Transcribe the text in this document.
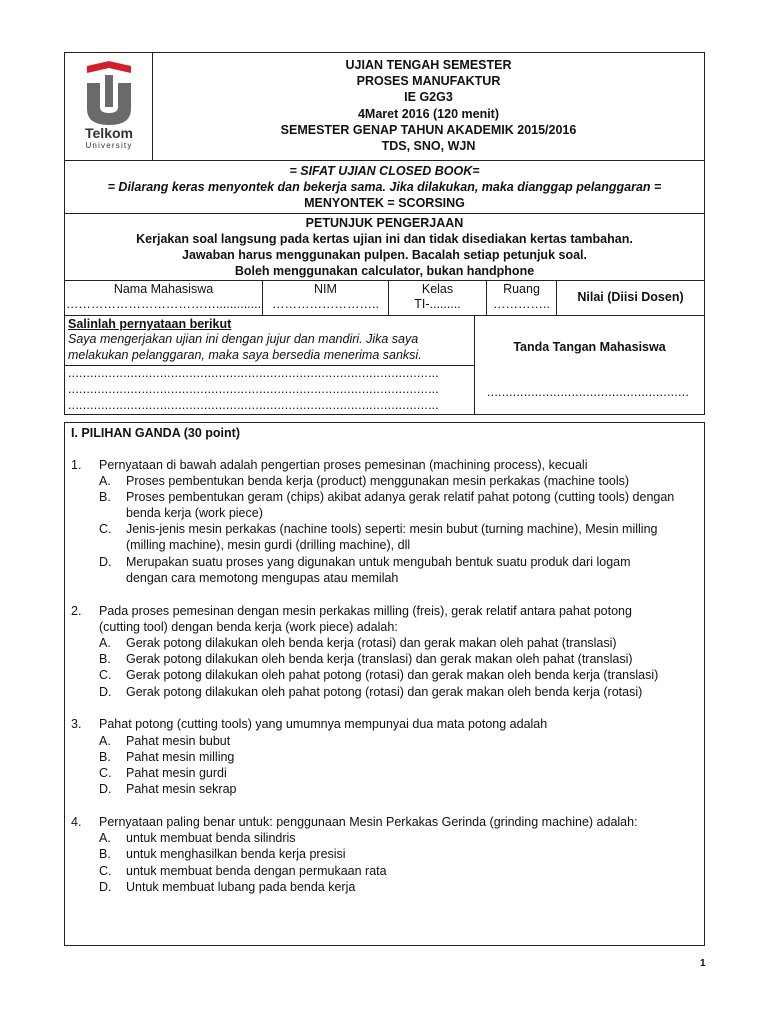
Telkom
University
UJIAN TENGAH SEMESTER
PROSES MANUFAKTUR
IE G2G3
4Maret 2016 (120 menit)
SEMESTER GENAP TAHUN AKADEMIK 2015/2016
TDS, SNO, WJN
= SIFAT UJIAN CLOSED BOOK=
= Dilarang keras menyontek dan bekerja sama. Jika dilakukan, maka dianggap pelanggaran =
MENYONTEK = SCORSING
PETUNJUK PENGERJAAN
Kerjakan soal langsung pada kertas ujian ini dan tidak disediakan kertas tambahan.
Jawaban harus menggunakan pulpen. Bacalah setiap petunjuk soal.
Boleh menggunakan calculator, bukan handphone
Nama Mahasiswa
……………………………….............
NIM
……………………..
Kelas
TI-.........
Ruang
…………..	Nilai (Diisi Dosen)
Salinlah pernyataan berikut
Saya mengerjakan ujian ini dengan jujur dan mandiri. Jika saya
melakukan pelanggaran, maka saya bersedia menerima sanksi.
.....................................................................................................
.....................................................................................................
.....................................................................................................
Tanda Tangan Mahasiswa
.......................................................
I. PILIHAN GANDA (30 point)
1. Pernyataan di bawah adalah pengertian proses pemesinan (machining process), kecuali
A. Proses pembentukan benda kerja (product) menggunakan mesin perkakas (machine tools)
B. Proses pembentukan geram (chips) akibat adanya gerak relatif pahat potong (cutting tools) dengan
benda kerja (work piece)
C. Jenis-jenis mesin perkakas (nachine tools) seperti: mesin bubut (turning machine), Mesin milling
(milling machine), mesin gurdi (drilling machine), dll
D. Merupakan suatu proses yang digunakan untuk mengubah bentuk suatu produk dari logam
dengan cara memotong mengupas atau memilah
2. Pada proses pemesinan dengan mesin perkakas milling (freis), gerak relatif antara pahat potong
(cutting tool) dengan benda kerja (work piece) adalah:
A. Gerak potong dilakukan oleh benda kerja (rotasi) dan gerak makan oleh pahat (translasi)
B. Gerak potong dilakukan oleh benda kerja (translasi) dan gerak makan oleh pahat (translasi)
C. Gerak potong dilakukan oleh pahat potong (rotasi) dan gerak makan oleh benda kerja (translasi)
D. Gerak potong dilakukan oleh pahat potong (rotasi) dan gerak makan oleh benda kerja (rotasi)
3. Pahat potong (cutting tools) yang umumnya mempunyai dua mata potong adalah
A. Pahat mesin bubut
B. Pahat mesin milling
C. Pahat mesin gurdi
D. Pahat mesin sekrap
4. Pernyataan paling benar untuk: penggunaan Mesin Perkakas Gerinda (grinding machine) adalah:
A. untuk membuat benda silindris
B. untuk menghasilkan benda kerja presisi
C. untuk membuat benda dengan permukaan rata
D. Untuk membuat lubang pada benda kerja
1
